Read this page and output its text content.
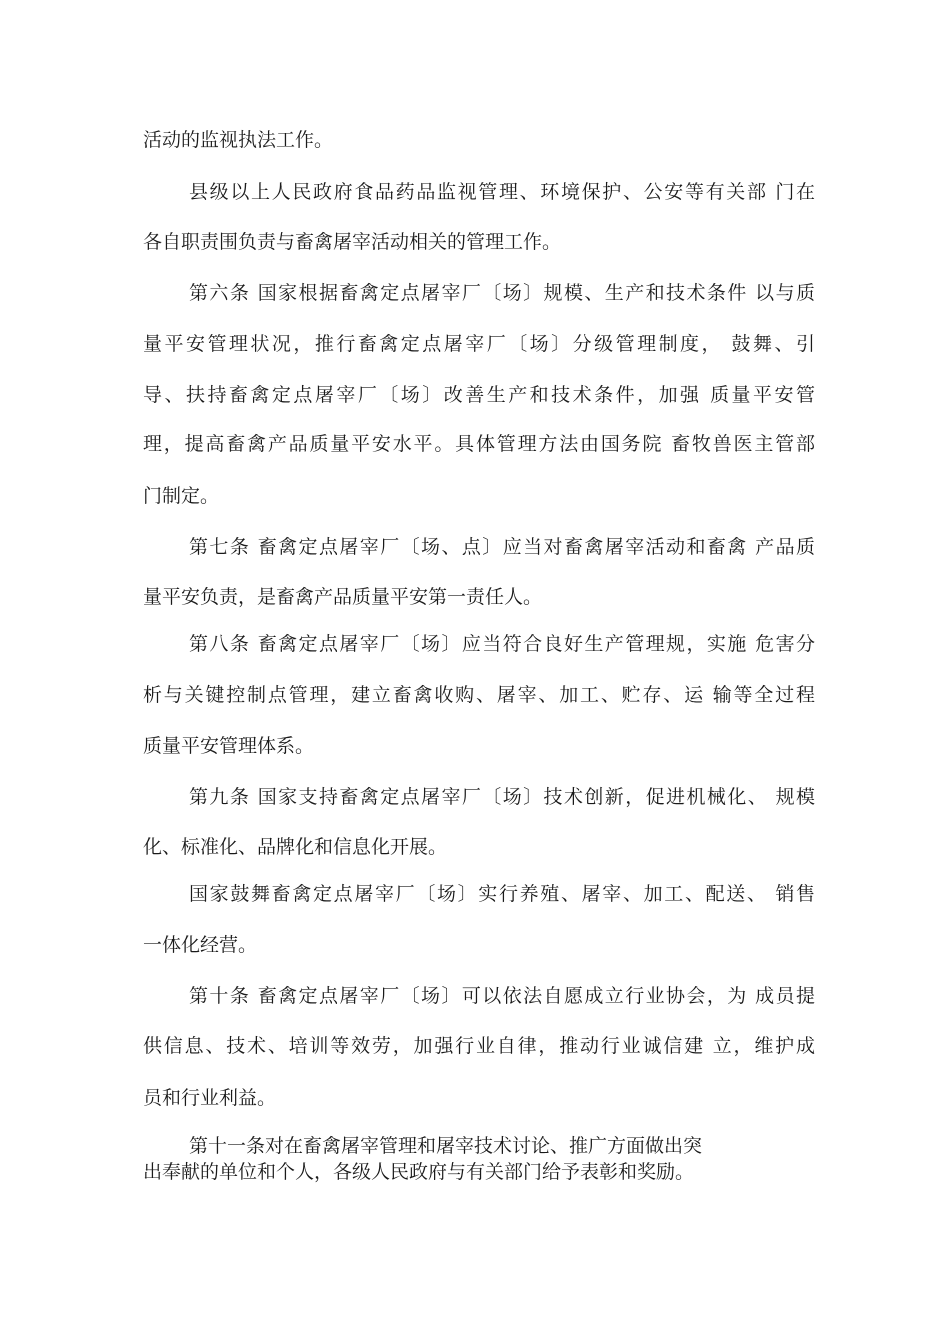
活动的监视执法工作。
县级以上人民政府食品药品监视管理、环境保护、公安等有关部 门在
各自职责围负责与畜禽屠宰活动相关的管理工作。
第六条 国家根据畜禽定点屠宰厂〔场〕规模、生产和技术条件 以与质
量平安管理状况，推行畜禽定点屠宰厂〔场〕分级管理制度， 鼓舞、引
导、扶持畜禽定点屠宰厂〔场〕改善生产和技术条件，加强 质量平安管
理，提高畜禽产品质量平安水平。具体管理方法由国务院 畜牧兽医主管部
门制定。
第七条 畜禽定点屠宰厂〔场、点〕应当对畜禽屠宰活动和畜禽 产品质
量平安负责，是畜禽产品质量平安第一责任人。
第八条 畜禽定点屠宰厂〔场〕应当符合良好生产管理规，实施 危害分
析与关键控制点管理，建立畜禽收购、屠宰、加工、贮存、运 输等全过程
质量平安管理体系。
第九条 国家支持畜禽定点屠宰厂〔场〕技术创新，促进机械化、 规模
化、标准化、品牌化和信息化开展。
国家鼓舞畜禽定点屠宰厂〔场〕实行养殖、屠宰、加工、配送、 销售
一体化经营。
第十条 畜禽定点屠宰厂〔场〕可以依法自愿成立行业协会，为 成员提
供信息、技术、培训等效劳，加强行业自律，推动行业诚信建 立，维护成
员和行业利益。
第十一条对在畜禽屠宰管理和屠宰技术讨论、推广方面做出突
出奉献的单位和个人，各级人民政府与有关部门给予表彰和奖励。
